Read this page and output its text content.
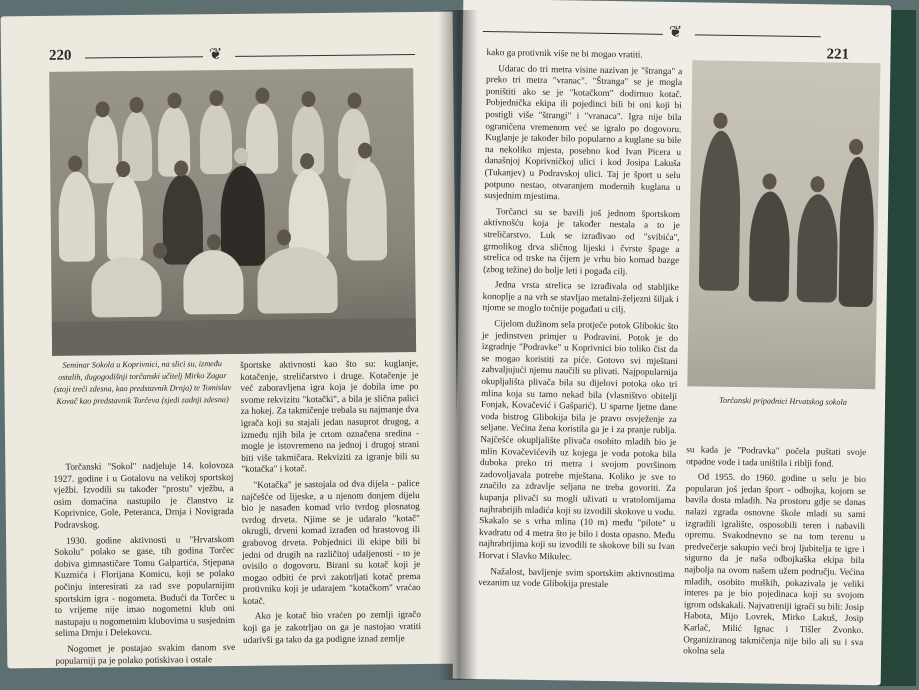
220	❦
Seminar Sokola u Koprivnici, na slici su, između ostalih, dugogodišnji torčanski učitelj Mirko Zagar (stoji treći zdesna, kao predstavnik Drnja) te Tomislav Kovač kao predstavnik Torčeva (sjedi zadnji zdesna)

Torčanski "Sokol" nadjeluje 14. kolovoza 1927. godine i u Gotalovu na velikoj sportskoj vježbi. Izvodili su također "prostu" vježbu, a osim domaćina nastupilo je članstvo iz Koprivnice, Gole, Peteranca, Drnja i Novigrada Podravskog.

1930. godine aktivnosti u "Hrvatskom Sokolu" polako se gase, tih godina Torčec dobiva gimnastičare Tomu Galpartića, Stjepana Kuzmića i Florijana Komicu, koji se polako počinju interesirati za rad sve popularnijim sportskim igra - nogometa. Budući da Torčec u to vrijeme nije imao nogometni klub oni nastupaju u nogometnim klubovima u susjednim selima Drnju i Delekovcu.

Nogomet je postajao svakim danom sve popularniji pa je polako potiskivao i ostale

športske aktivnosti kao što su: kuglanje, kotačenje, streličarstvo i druge. Kotačenje je već zaboravljena igra koja je dobila ime po svome rekvizitu "kotački", a bila je slična palici za hokej. Za takmičenje trebala su najmanje dva igrača koji su stajali jedan nasuprot drugog, a između njih bila je crtom označena sredina - mogle je istovremeno na jednoj i drugoj strani biti više takmičara. Rekviziti za igranje bili su "kotačka" i kotač.

"Kotačka" je sastojala od dva dijela - palice najčešće od lijeske, a u njenom donjem dijelu bio je nasađen komad vrlo tvrdog plosnatog tvrdog drveta. Njime se je udaralo "kotač" okrugli, drveni komad izrađen od hrastovog ili grabovog drveta. Pobjednici ili ekipe bili bi jedni od drugih na različitoj udaljenosti - to je ovisilo o dogovoru. Birani su kotač koji je mogao odbiti će prvi zakotrljati kotač prema protivniku koji je udarajem "kotačkom" vraćao kotač.

Ako je kotač bio vraćen po zemlji igračo koji ga je zakotrljao on ga je nastojao vratiti udarivši ga tako da ga podigne iznad zemlje

❦
221

kako ga protivnik više ne bi mogao vratiti.

Udarac do tri metra visine nazivan je "štranga" a preko tri metra "vranac". "Štranga" se je mogla poništiti ako se je "kotačkom" dodirnuo kotač. Pobjednička ekipa ili pojedinci bili bi oni koji bi postigli više "štrangi" i "vranaca". Igra nije bila ograničena vremenom već se igralo po dogovoru. Kuglanje je također bilo popularno a kuglane su bile na nekoliko mjesta, posebno kod Ivan Picera u današnjoj Koprivničkoj ulici i kod Josipa Lakuša (Tukanjev) u Podravskoj ulici. Taj je šport u selu potpuno nestao, otvaranjem modernih kuglana u susjednim mjestima.

Torčanci su se bavili još jednom športskom aktivnošću koja je također nestala a to je streličarstvo. Luk se izrađivao od "svibića", grmolikog drva sličnog lijeski i čvrste špage a strelica od trske na čijem je vrhu bio komad bazge (zbog težine) do bolje leti i pogađa cilj.

Jedna vrsta strelica se izrađivala od stabljike konoplje a na vrh se stavljao metalni-željezni šiljak i njome se moglo točnije pogađati u cilj.

Cijelom dužinom sela protječe potok Glibokic što je jedinstven primjer u Podravini. Potok je do izgradnje "Podravke" u Koprivnici bio toliko čist da se mogao koristiti za piće. Gotovo svi mještani zahvaljujući njemu naučili su plivati. Najpopularnija okupljališta plivača bila su dijelovi potoka oko tri mlina koja su tamo nekad bila (vlasništvo obitelji Fonjak, Kovačević i Gašparić). U sparne ljetne dane voda bistrog Glibokija bila je pravo osvježenje za seljane. Većina žena koristila ga je i za pranje rublja. Najčešće okupljalište plivača osobito mladih bio je mlin Kovačevićevih uz kojega je voda potoka bila duboka preko tri metra i svojom površinom zadovoljavala potrebe mještana. Koliko je sve to značilo za zdravlje seljana ne treba govoriti. Za kupanja plivači su mogli uživati u vratolomijama najhrabrijih mladića koji su izvodili skokove u vodu. Skakalo se s vrha mlina (10 m) među "pilote" u kvadratu od 4 metra što je bilo i dosta opasno. Među najhrabrijima koji su izvodili te skokove bili su Ivan Horvat i Slavko Mikulec.

Nažalost, bavljenje svim sportskim aktivnostima vezanim uz vode Glibokija prestale

Torčanski pripadnici Hrvatskog sokola

su kada je "Podravka" počela puštati svoje otpadne vode i tada uništila i riblji fond.

Od 1955. do 1960. godine u selu je bio popularan još jedan šport - odbojka, kojom se bavila dosta mladih. Na prostoru gdje se danas nalazi zgrada osnovne škole mladi su sami izgradili igralište, osposobili teren i nabavili opremu. Svakodnevno se na tom terenu u predvečerje sakupio veći broj ljubitelja te igre i sigurno da je naša odbojkaška ekipa bila najbolja na ovom našem užem području. Većina mladih, osobito muških, pokazivala je veliki interes pa je bio pojedinaca koji su svojom igrom odskakali. Najvatreniji igrači su bili: Josip Habota, Mijo Lovrek, Mirko Lakuš, Josip Karlač, Milić Ignac i Tišler Zvonko. Organiziranog takmičenja nije bilo ali su i sva okolna sela
